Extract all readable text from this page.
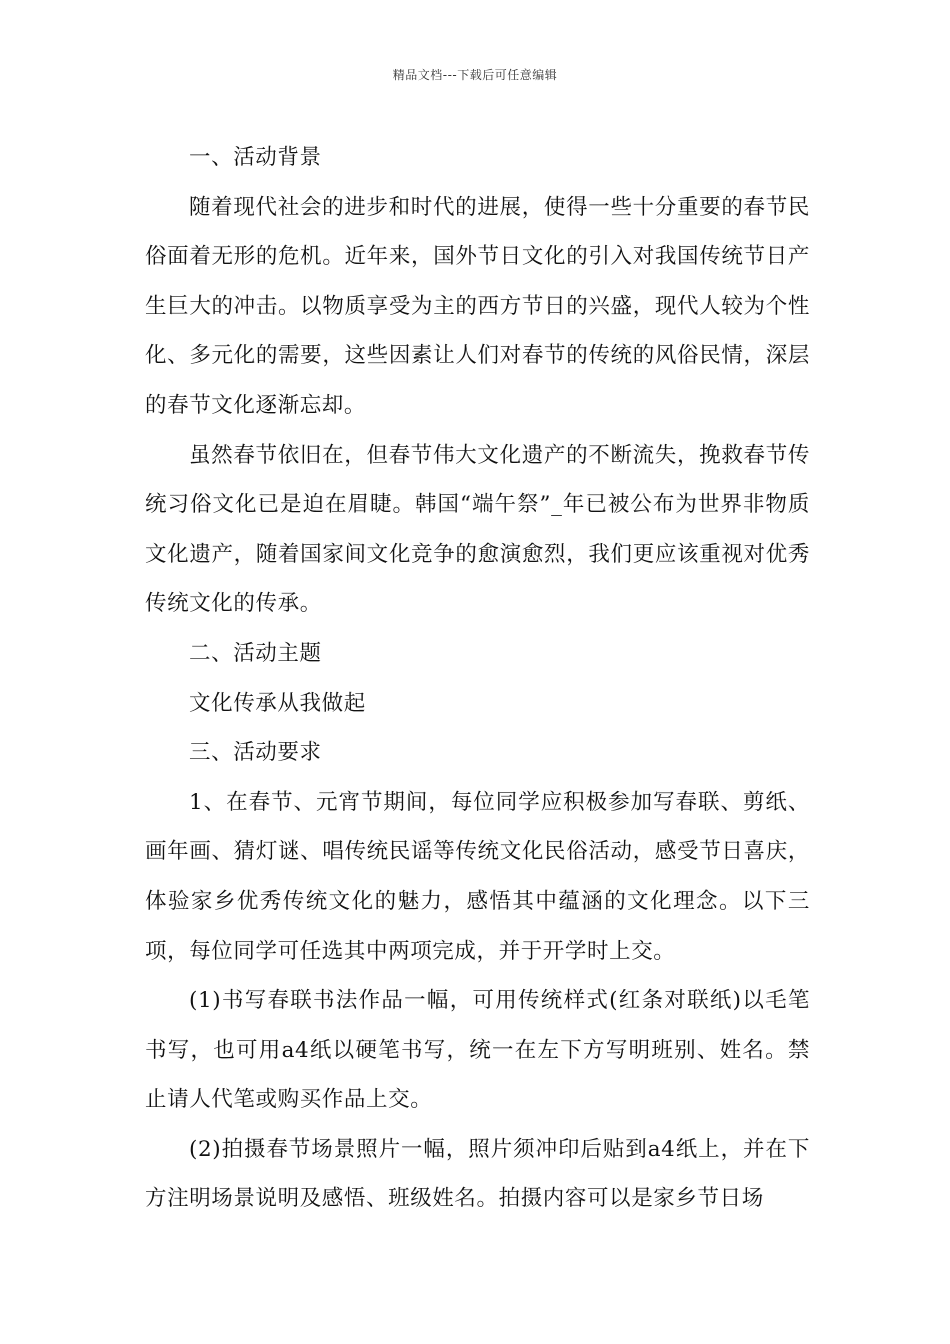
精品文档---下载后可任意编辑

一、活动背景

随着现代社会的进步和时代的进展，使得一些十分重要的春节民俗面着无形的危机。近年来，国外节日文化的引入对我国传统节日产生巨大的冲击。以物质享受为主的西方节日的兴盛，现代人较为个性化、多元化的需要，这些因素让人们对春节的传统的风俗民情，深层的春节文化逐渐忘却。

虽然春节依旧在，但春节伟大文化遗产的不断流失，挽救春节传统习俗文化已是迫在眉睫。韩国“端午祭”_年已被公布为世界非物质文化遗产，随着国家间文化竞争的愈演愈烈，我们更应该重视对优秀传统文化的传承。

二、活动主题

文化传承从我做起

三、活动要求

1、在春节、元宵节期间，每位同学应积极参加写春联、剪纸、画年画、猜灯谜、唱传统民谣等传统文化民俗活动，感受节日喜庆，体验家乡优秀传统文化的魅力，感悟其中蕴涵的文化理念。以下三项，每位同学可任选其中两项完成，并于开学时上交。

(1)书写春联书法作品一幅，可用传统样式(红条对联纸)以毛笔书写，也可用a4纸以硬笔书写，统一在左下方写明班别、姓名。禁止请人代笔或购买作品上交。

(2)拍摄春节场景照片一幅，照片须冲印后贴到a4纸上，并在下方注明场景说明及感悟、班级姓名。拍摄内容可以是家乡节日场
